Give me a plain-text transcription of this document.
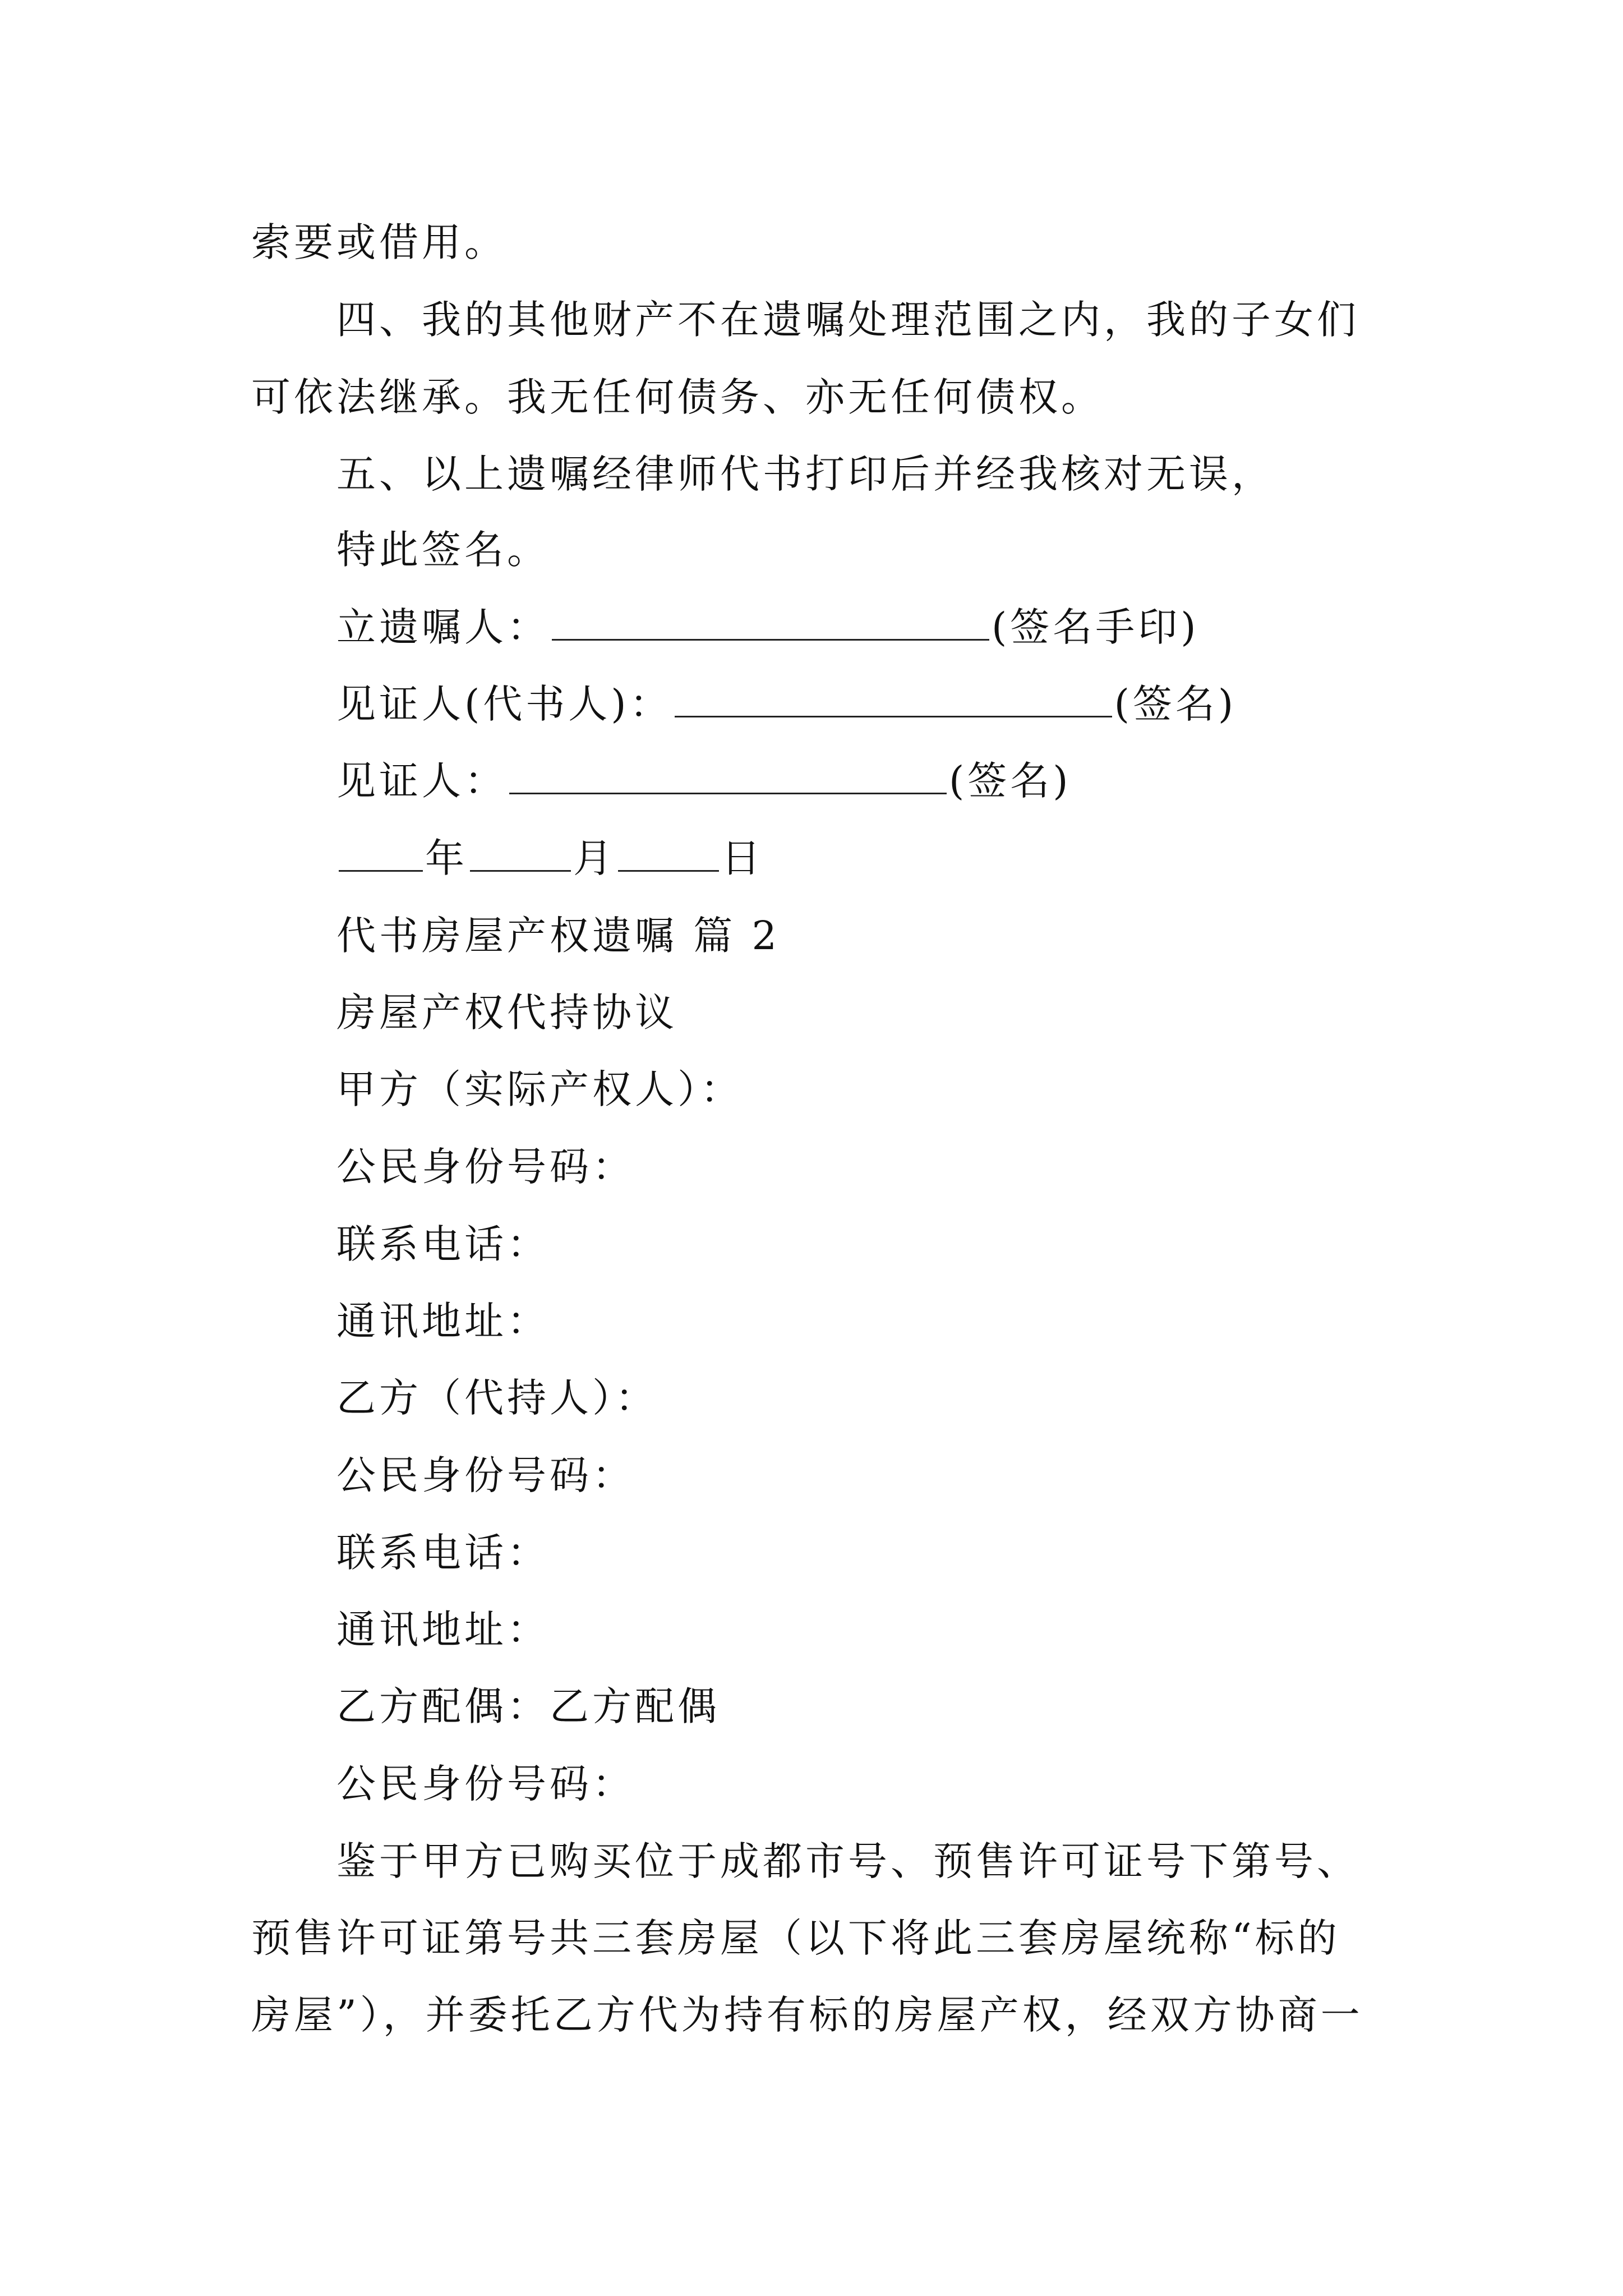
索要或借用。
四、我的其他财产不在遗嘱处理范围之内，我的子女们
可依法继承。我无任何债务、亦无任何债权。
五、以上遗嘱经律师代书打印后并经我核对无误，
特此签名。
立遗嘱人：	(签名手印)
见证人(代书人)：	(签名)
见证人：	(签名)
年	月	日
代书房屋产权遗嘱 篇 2
房屋产权代持协议
甲方（实际产权人）：
公民身份号码：
联系电话：
通讯地址：
乙方（代持人）：
公民身份号码：
联系电话：
通讯地址：
乙方配偶：乙方配偶
公民身份号码：
鉴于甲方已购买位于成都市号、预售许可证号下第号、
预售许可证第号共三套房屋（以下将此三套房屋统称“标的
房屋”），并委托乙方代为持有标的房屋产权，经双方协商一
